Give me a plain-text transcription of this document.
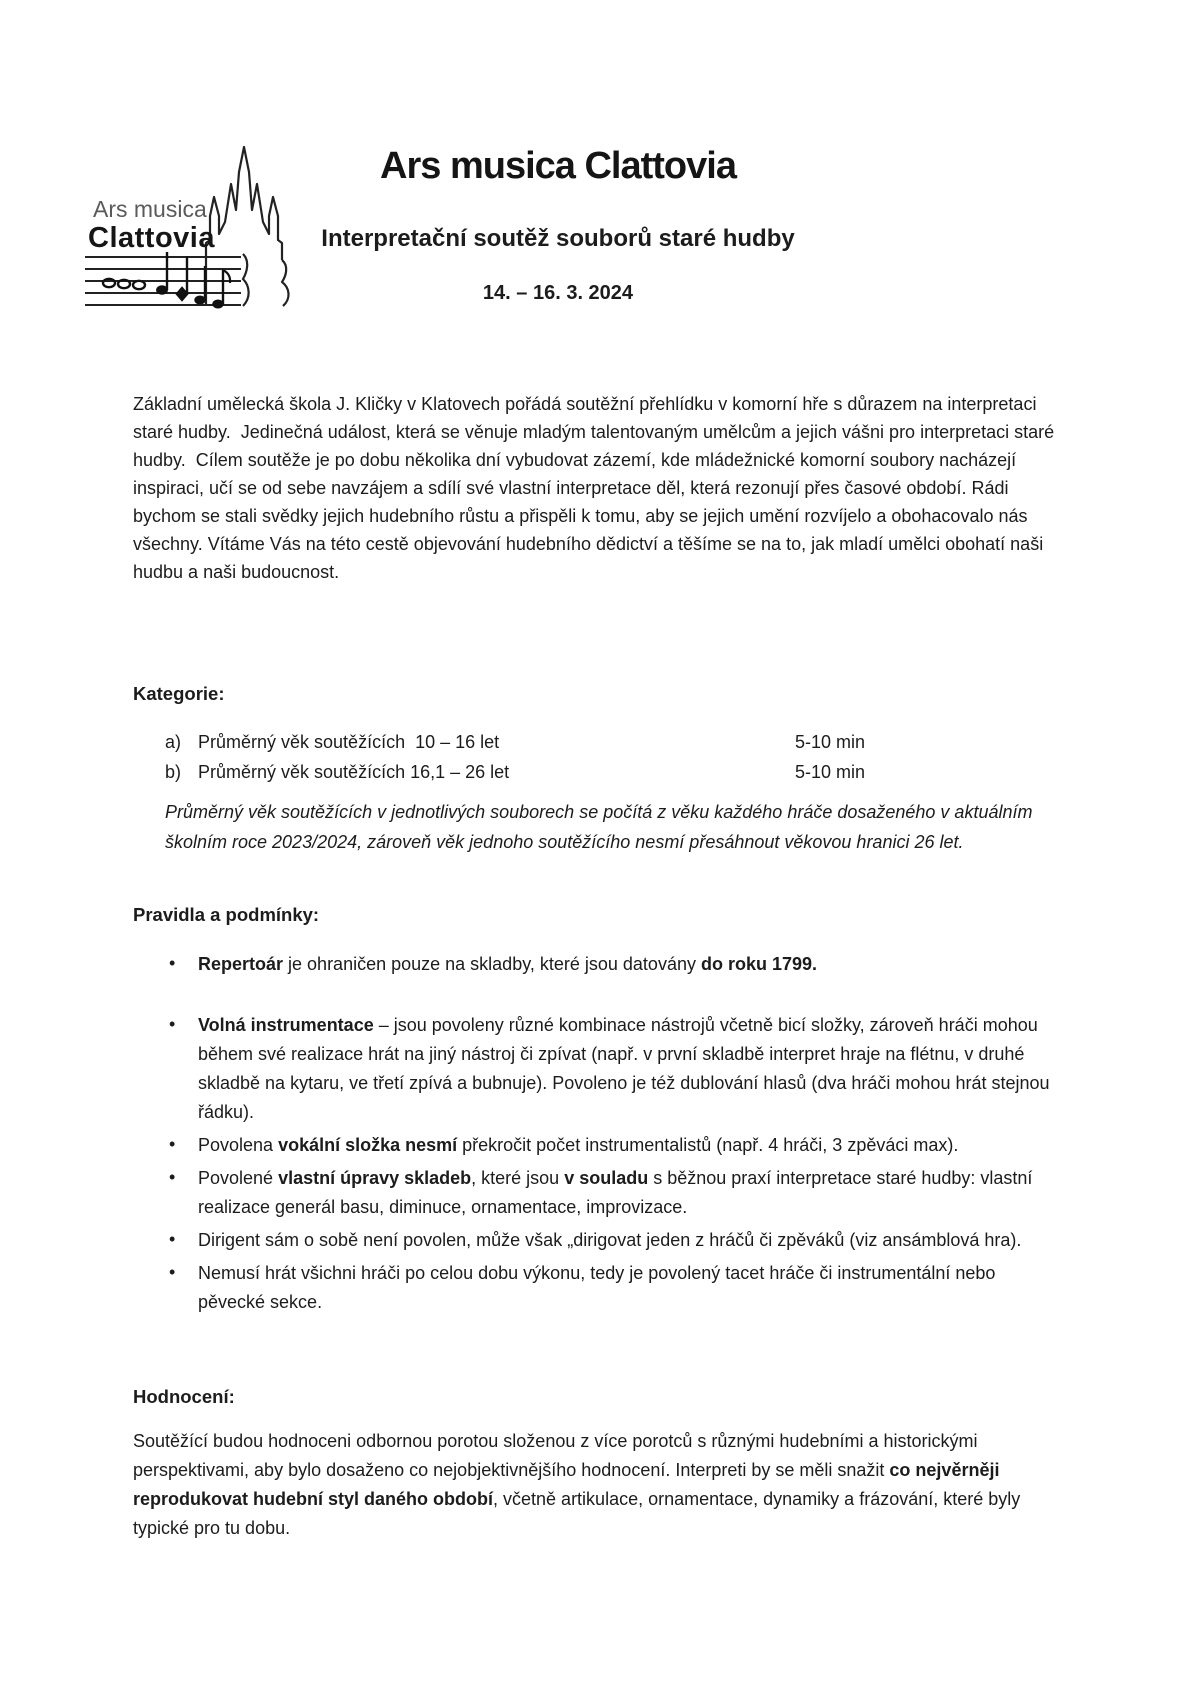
Ars musica
Clattovia
Ars musica Clattovia
Interpretační soutěž souborů staré hudby
14. – 16. 3. 2024

Základní umělecká škola J. Kličky v Klatovech pořádá soutěžní přehlídku v komorní hře s důrazem na interpretaci staré hudby.  Jedinečná událost, která se věnuje mladým talentovaným umělcům a jejich vášni pro interpretaci staré hudby.  Cílem soutěže je po dobu několika dní vybudovat zázemí, kde mládežnické komorní soubory nacházejí inspiraci, učí se od sebe navzájem a sdílí své vlastní interpretace děl, která rezonují přes časové období. Rádi bychom se stali svědky jejich hudebního růstu a přispěli k tomu, aby se jejich umění rozvíjelo a obohacovalo nás všechny. Vítáme Vás na této cestě objevování hudebního dědictví a těšíme se na to, jak mladí umělci obohatí naši hudbu a naši budoucnost.

Kategorie:
a) Průměrný věk soutěžících  10 – 16 let	5-10 min
b) Průměrný věk soutěžících 16,1 – 26 let	5-10 min

Průměrný věk soutěžících v jednotlivých souborech se počítá z věku každého hráče dosaženého v aktuálním školním roce 2023/2024, zároveň věk jednoho soutěžícího nesmí přesáhnout věkovou hranici 26 let.

Pravidla a podmínky:
• Repertoár je ohraničen pouze na skladby, které jsou datovány do roku 1799.
• Volná instrumentace – jsou povoleny různé kombinace nástrojů včetně bicí složky, zároveň hráči mohou během své realizace hrát na jiný nástroj či zpívat (např. v první skladbě interpret hraje na flétnu, v druhé skladbě na kytaru, ve třetí zpívá a bubnuje). Povoleno je též dublování hlasů (dva hráči mohou hrát stejnou řádku).
• Povolena vokální složka nesmí překročit počet instrumentalistů (např. 4 hráči, 3 zpěváci max).
• Povolené vlastní úpravy skladeb, které jsou v souladu s běžnou praxí interpretace staré hudby: vlastní realizace generál basu, diminuce, ornamentace, improvizace.
• Dirigent sám o sobě není povolen, může však „dirigovat jeden z hráčů či zpěváků (viz ansámblová hra).
• Nemusí hrát všichni hráči po celou dobu výkonu, tedy je povolený tacet hráče či instrumentální nebo pěvecké sekce.
Hodnocení:

Soutěžící budou hodnoceni odbornou porotou složenou z více porotců s různými hudebními a historickými perspektivami, aby bylo dosaženo co nejobjektivnějšího hodnocení. Interpreti by se měli snažit co nejvěrněji reprodukovat hudební styl daného období, včetně artikulace, ornamentace, dynamiky a frázování, které byly typické pro tu dobu.
